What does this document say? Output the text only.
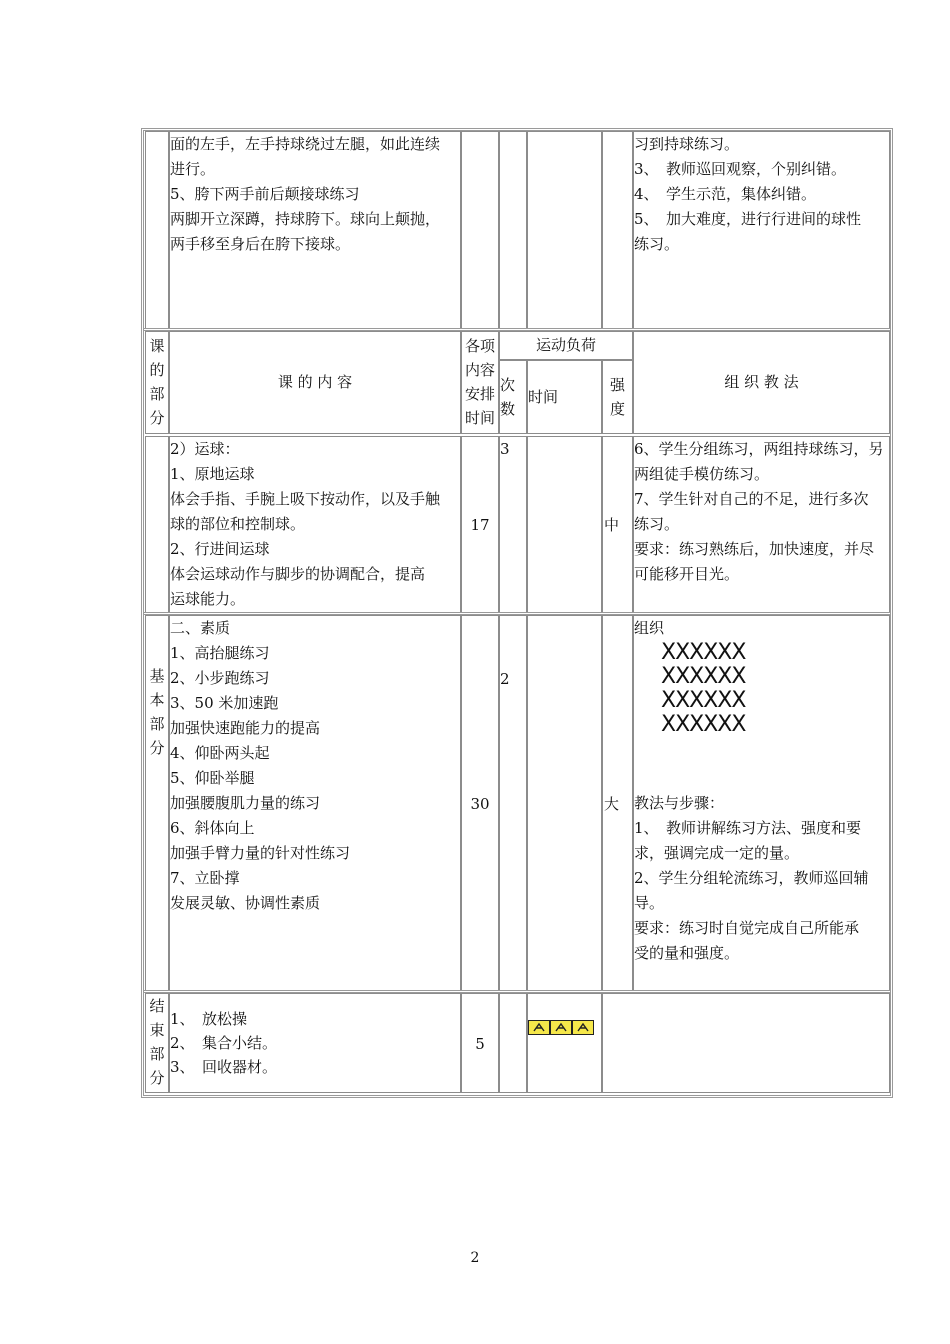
面的左手，左手持球绕过左腿，如此连续
进行。
5、胯下两手前后颠接球练习
两脚开立深蹲，持球胯下。球向上颠抛，
两手移至身后在胯下接球。
习到持球练习。
3、　教师巡回观察，个别纠错。
4、　学生示范，集体纠错。
5、　加大难度，进行行进间的球性
练习。
课
的
部
分
课 的 内 容
各项
内容
安排
时间
运动负荷
次
数
时间
强
度
组 织 教 法
2）运球：
1、原地运球
体会手指、手腕上吸下按动作，以及手触
球的部位和控制球。
2、行进间运球
体会运球动作与脚步的协调配合，提高
运球能力。
17
3
中
6、学生分组练习，两组持球练习，另
两组徒手模仿练习。
7、学生针对自己的不足，进行多次
练习。
要求：练习熟练后，加快速度，并尽
可能移开目光。
基
本
部
分
二、素质
1、高抬腿练习
2、小步跑练习
3、50 米加速跑
加强快速跑能力的提高
4、仰卧两头起
5、仰卧举腿
加强腰腹肌力量的练习
6、斜体向上
加强手臂力量的针对性练习
7、立卧撑
发展灵敏、协调性素质
30
2
大
组织
XXXXXX
XXXXXX
XXXXXX
XXXXXX
教法与步骤：
1、　教师讲解练习方法、强度和要
求，强调完成一定的量。
2、学生分组轮流练习，教师巡回辅
导。
要求：练习时自觉完成自己所能承
受的量和强度。
结
束
部
分
1、　放松操
2、　集合小结。
3、　回收器材。
5
2
